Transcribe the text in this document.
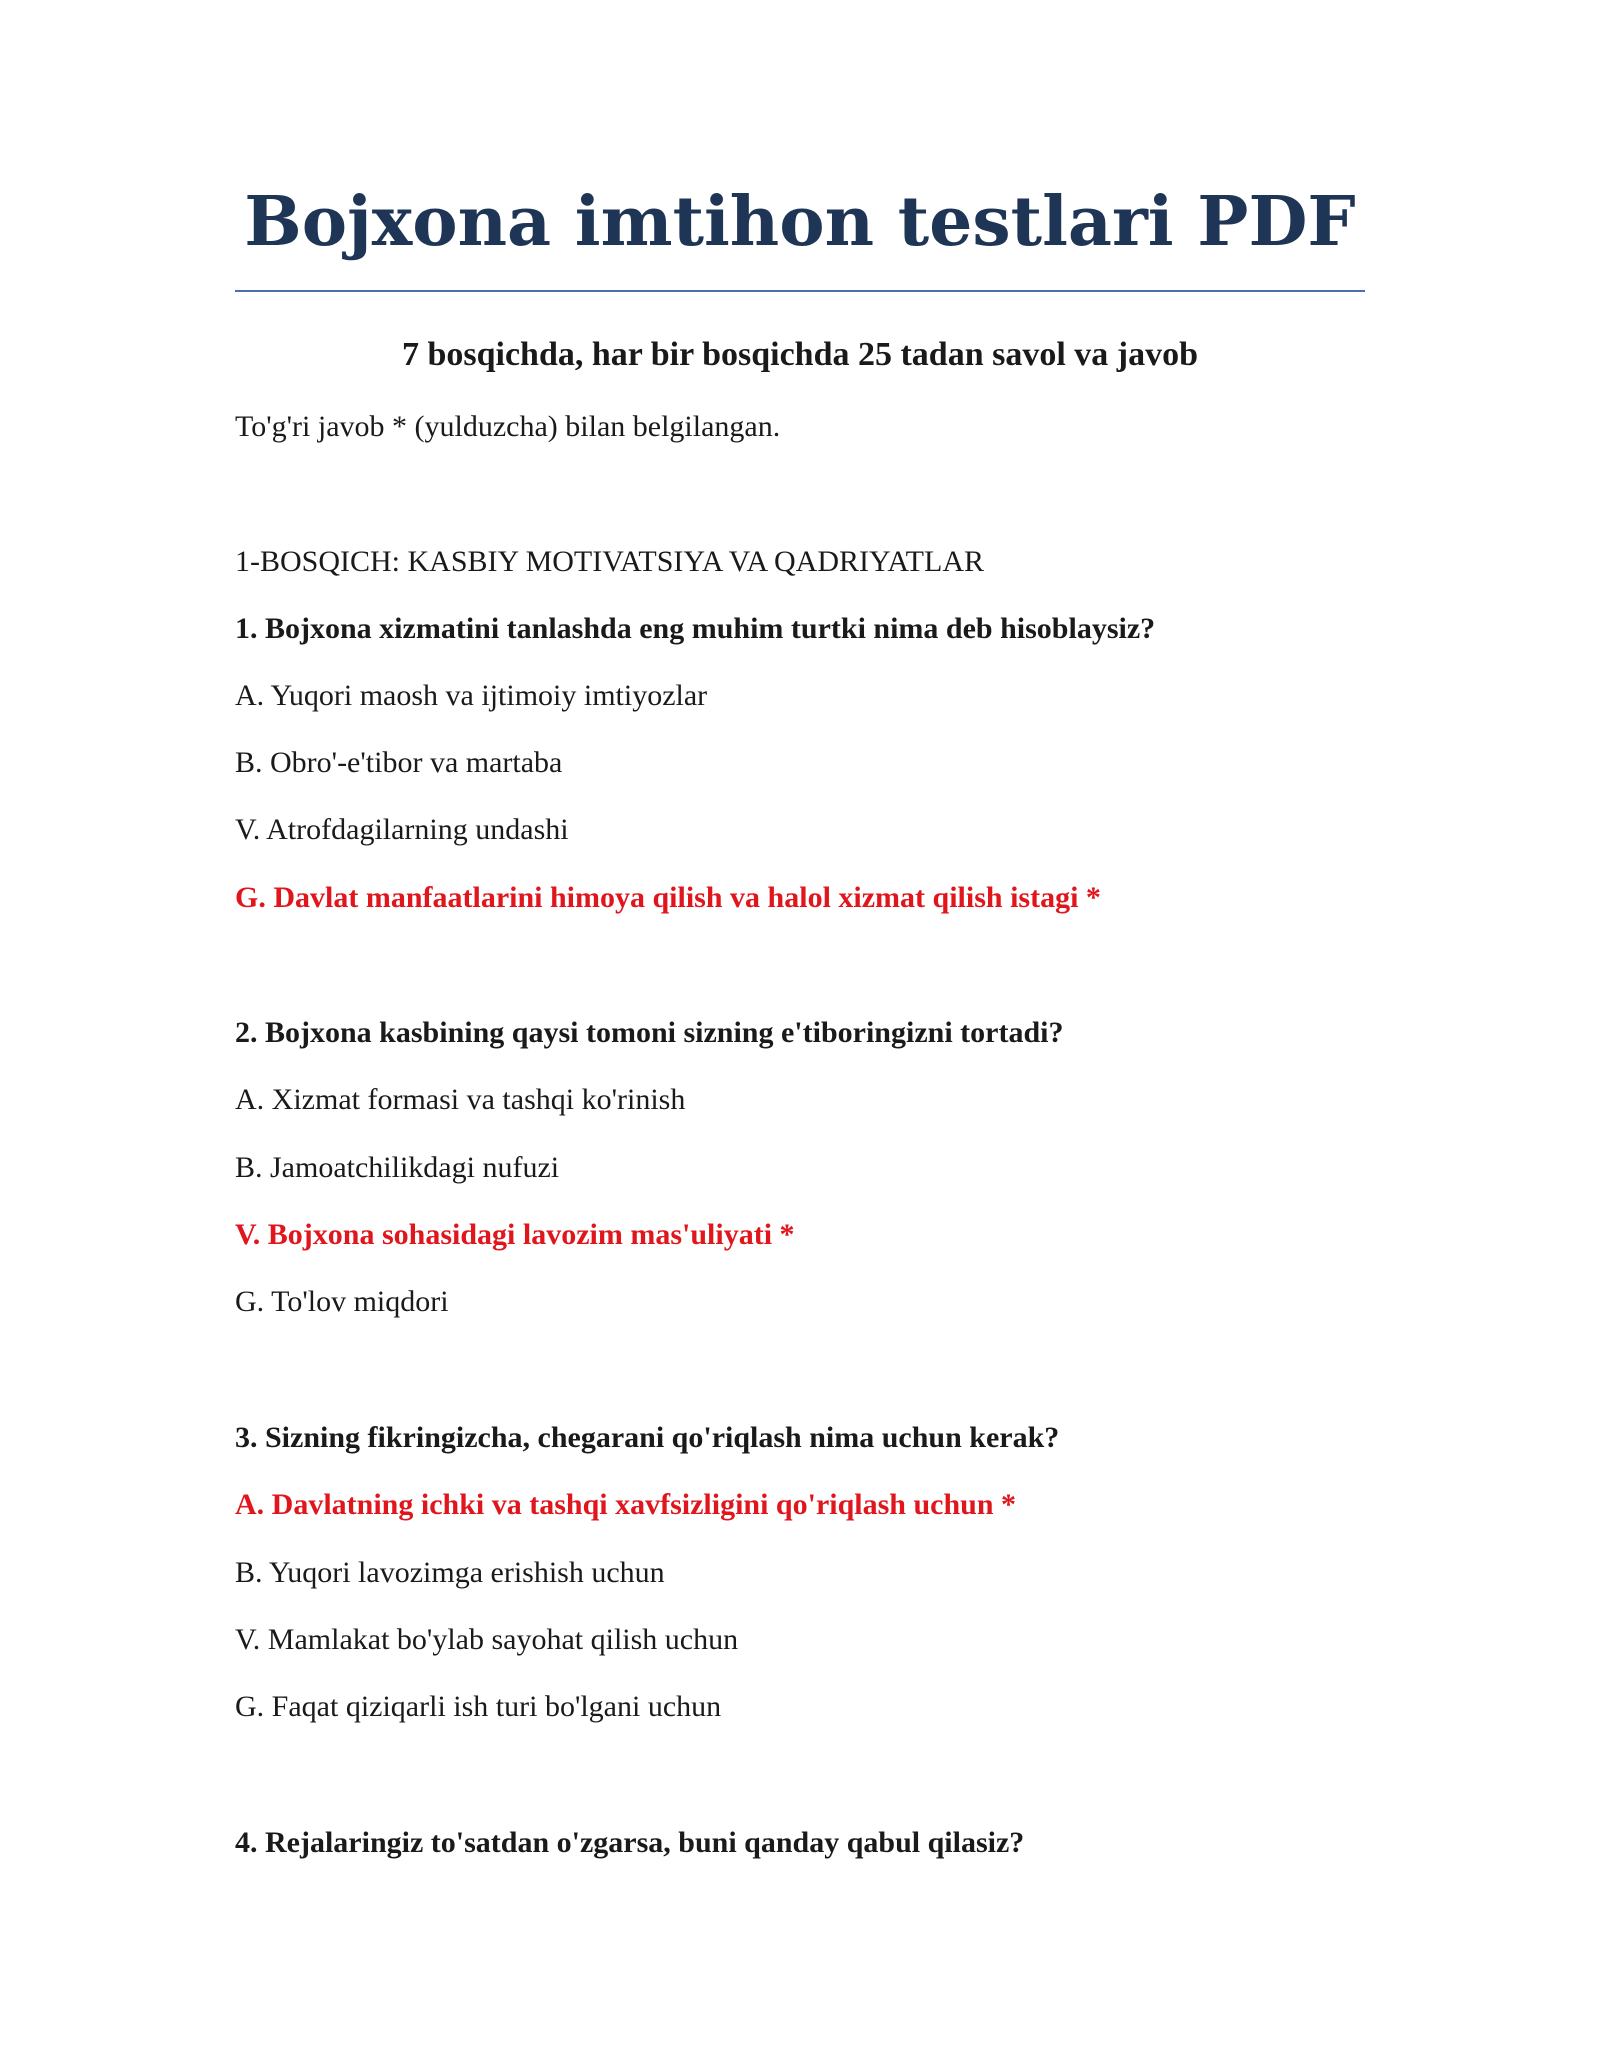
Bojxona imtihon testlari PDF

7 bosqichda, har bir bosqichda 25 tadan savol va javob

To'g'ri javob * (yulduzcha) bilan belgilangan.

1-BOSQICH: KASBIY MOTIVATSIYA VA QADRIYATLAR

1. Bojxona xizmatini tanlashda eng muhim turtki nima deb hisoblaysiz?

A. Yuqori maosh va ijtimoiy imtiyozlar

B. Obro'-e'tibor va martaba

V. Atrofdagilarning undashi

G. Davlat manfaatlarini himoya qilish va halol xizmat qilish istagi *

2. Bojxona kasbining qaysi tomoni sizning e'tiboringizni tortadi?

A. Xizmat formasi va tashqi ko'rinish

B. Jamoatchilikdagi nufuzi

V. Bojxona sohasidagi lavozim mas'uliyati *

G. To'lov miqdori

3. Sizning fikringizcha, chegarani qo'riqlash nima uchun kerak?

A. Davlatning ichki va tashqi xavfsizligini qo'riqlash uchun *

B. Yuqori lavozimga erishish uchun

V. Mamlakat bo'ylab sayohat qilish uchun

G. Faqat qiziqarli ish turi bo'lgani uchun

4. Rejalaringiz to'satdan o'zgarsa, buni qanday qabul qilasiz?
